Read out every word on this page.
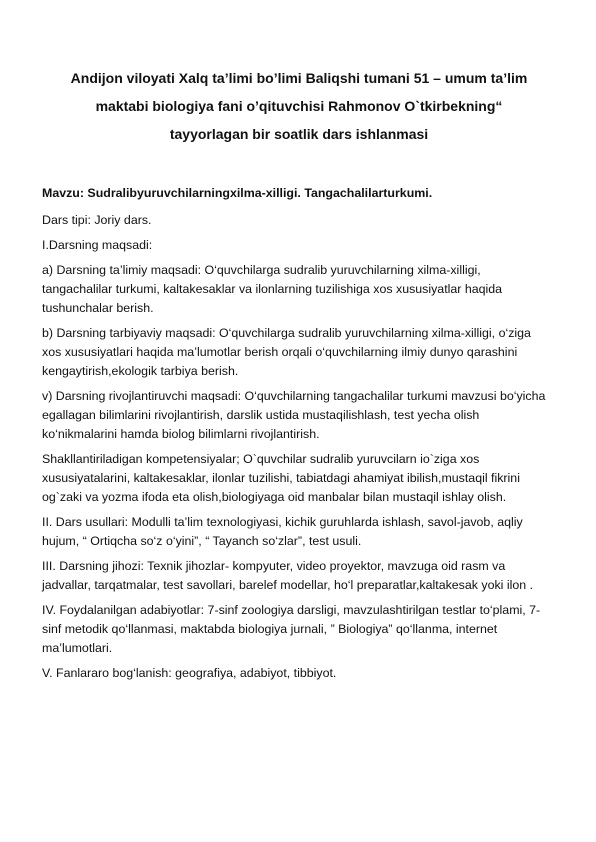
Andijon viloyati Xalq ta’limi bo’limi Baliqshi tumani 51 – umum ta’lim
maktabi biologiya fani o’qituvchisi Rahmonov O`tkirbekning“
tayyorlagan bir soatlik dars ishlanmasi

Mavzu: Sudralibyuruvchilarningxilma-xilligi. Tangachalilarturkumi.

Dars tipi: Joriy dars.

I.Darsning maqsadi:

a) Darsning ta’limiy maqsadi: O‘quvchilarga sudralib yuruvchilarning xilma-xilligi, tangachalilar turkumi, kaltakesaklar va ilonlarning tuzilishiga xos xususiyatlar haqida tushunchalar berish.

b) Darsning tarbiyaviy maqsadi: O‘quvchilarga sudralib yuruvchilarning xilma-xilligi, o‘ziga xos xususiyatlari haqida ma’lumotlar berish orqali o‘quvchilarning ilmiy dunyo qarashini kengaytirish,ekologik tarbiya berish.

v) Darsning rivojlantiruvchi maqsadi: O‘quvchilarning tangachalilar turkumi mavzusi bo‘yicha egallagan bilimlarini rivojlantirish, darslik ustida mustaqilishlash, test yecha olish ko‘nikmalarini hamda biolog bilimlarni rivojlantirish.

Shakllantiriladigan kompetensiyalar; O`quvchilar sudralib yuruvcilarn io`ziga xos xususiyatalarini, kaltakesaklar, ilonlar tuzilishi, tabiatdagi ahamiyat ibilish,mustaqil fikrini og`zaki va yozma ifoda eta olish,biologiyaga oid manbalar bilan mustaqil ishlay olish.

II. Dars usullari: Modulli ta’lim texnologiyasi, kichik guruhlarda ishlash, savol-javob, aqliy hujum, “ Ortiqcha so‘z o‘yini”, “ Tayanch so‘zlar”, test usuli.

III. Darsning jihozi: Texnik jihozlar- kompyuter, video proyektor, mavzuga oid rasm va jadvallar, tarqatmalar, test savollari, barelef modellar, ho‘l preparatlar,kaltakesak yoki ilon .

IV. Foydalanilgan adabiyotlar: 7-sinf zoologiya darsligi, mavzulashtirilgan testlar to‘plami, 7-sinf metodik qo‘llanmasi, maktabda biologiya jurnali, ” Biologiya” qo‘llanma, internet ma’lumotlari.

V. Fanlararo bog‘lanish: geografiya, adabiyot, tibbiyot.
